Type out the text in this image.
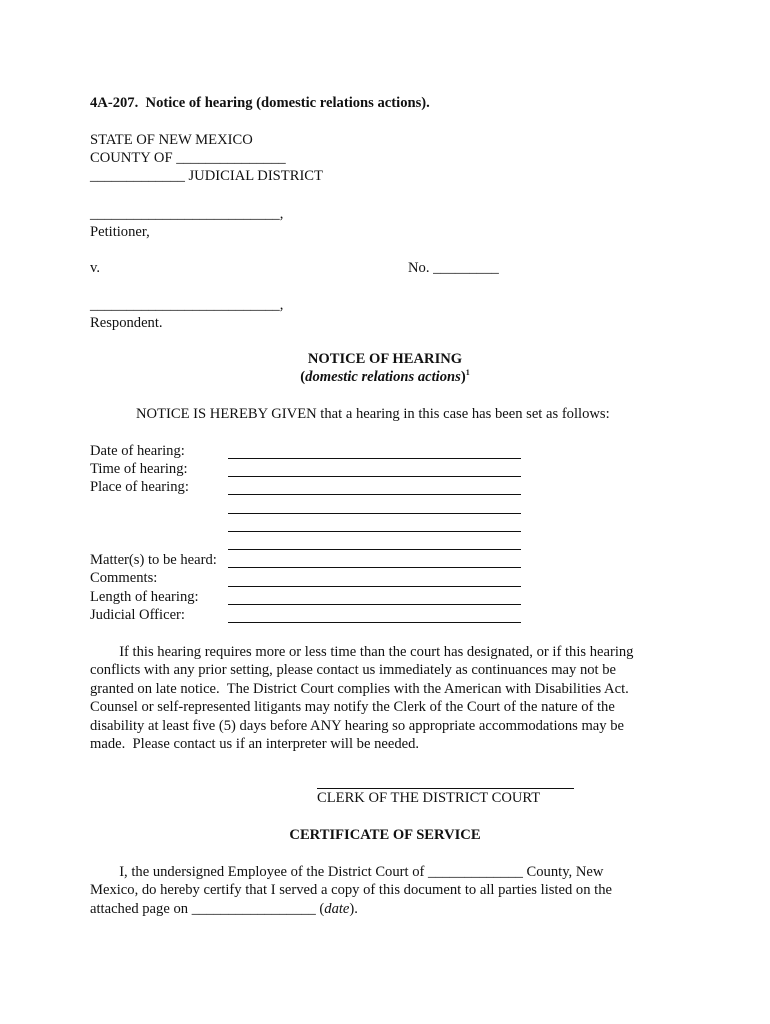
4A-207.  Notice of hearing (domestic relations actions).
STATE OF NEW MEXICO
COUNTY OF _______________
_____________ JUDICIAL DISTRICT
__________________________,
Petitioner,
v.	No. _________
__________________________,
Respondent.
NOTICE OF HEARING
(domestic relations actions)$^1$
NOTICE IS HEREBY GIVEN that a hearing in this case has been set as follows:
Date of hearing:
Time of hearing:
Place of hearing:
Matter(s) to be heard:
Comments:
Length of hearing:
Judicial Officer:
If this hearing requires more or less time than the court has designated, or if this hearing
conflicts with any prior setting, please contact us immediately as continuances may not be
granted on late notice.  The District Court complies with the American with Disabilities Act.
Counsel or self-represented litigants may notify the Clerk of the Court of the nature of the
disability at least five (5) days before ANY hearing so appropriate accommodations may be
made.  Please contact us if an interpreter will be needed.
CLERK OF THE DISTRICT COURT
CERTIFICATE OF SERVICE
I, the undersigned Employee of the District Court of _____________ County, New
Mexico, do hereby certify that I served a copy of this document to all parties listed on the
attached page on _________________ (date).
